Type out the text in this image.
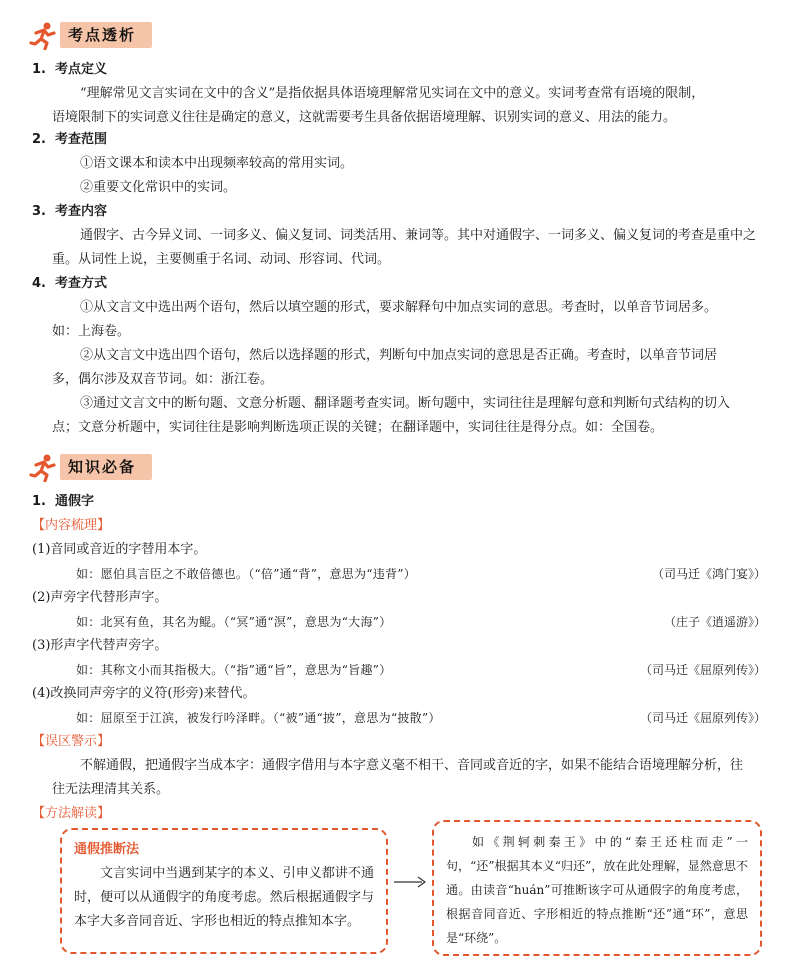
考点透析
1. 考点定义
“理解常见文言实词在文中的含义”是指依据具体语境理解常见实词在文中的意义。实词考查常有语境的限制，
语境限制下的实词意义往往是确定的意义，这就需要考生具备依据语境理解、识别实词的意义、用法的能力。
2. 考查范围
①语文课本和读本中出现频率较高的常用实词。
②重要文化常识中的实词。
3. 考查内容
通假字、古今异义词、一词多义、偏义复词、词类活用、兼词等。其中对通假字、一词多义、偏义复词的考查是重中之
重。从词性上说，主要侧重于名词、动词、形容词、代词。
4. 考查方式
①从文言文中选出两个语句，然后以填空题的形式，要求解释句中加点实词的意思。考查时，以单音节词居多。
如：上海卷。
②从文言文中选出四个语句，然后以选择题的形式，判断句中加点实词的意思是否正确。考查时，以单音节词居
多，偶尔涉及双音节词。如：浙江卷。
③通过文言文中的断句题、文意分析题、翻译题考查实词。断句题中，实词往往是理解句意和判断句式结构的切入
点；文意分析题中，实词往往是影响判断选项正误的关键；在翻译题中，实词往往是得分点。如：全国卷。
知识必备
1. 通假字
【内容梳理】
(1)音同或音近的字替用本字。
如：愿伯具言臣之不敢倍德也。（“倍”通“背”，意思为“违背”）	（司马迁《鸿门宴》）
(2)声旁字代替形声字。
如：北冥有鱼，其名为鲲。（“冥”通“溟”，意思为“大海”）	（庄子《逍遥游》）
(3)形声字代替声旁字。
如：其称文小而其指极大。（“指”通“旨”，意思为“旨趣”）	（司马迁《屈原列传》）
(4)改换同声旁字的义符(形旁)来替代。
如：屈原至于江滨，被发行吟泽畔。（“被”通“披”，意思为“披散”）	（司马迁《屈原列传》）
【误区警示】
不解通假，把通假字当成本字：通假字借用与本字意义毫不相干、音同或音近的字，如果不能结合语境理解分析，往
往无法理清其关系。
【方法解读】
通假推断法
文言实词中当遇到某字的本义、引申义都讲不通时，便可以从通假字的角度考虑。然后根据通假字与本字大多音同音近、字形也相近的特点推知本字。
如《荆轲刺秦王》中的“秦王还柱而走”一句，“还”根据其本义“归还”，放在此处理解，显然意思不通。由读音“huán”可推断该字可从通假字的角度考虑，根据音同音近、字形相近的特点推断“还”通“环”，意思是“环绕”。
